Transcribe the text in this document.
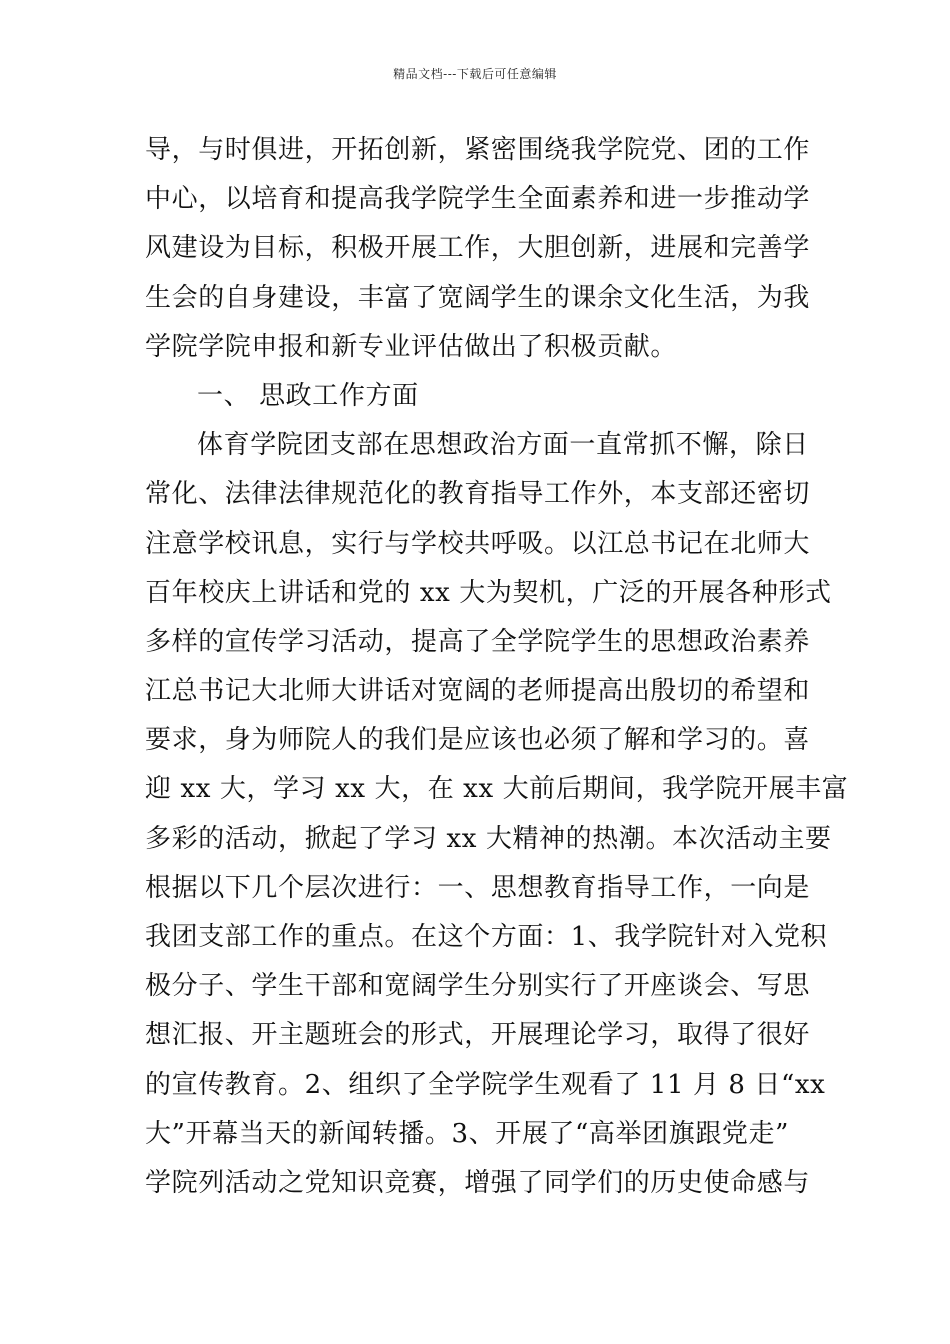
精品文档---下载后可任意编辑
导，与时俱进，开拓创新，紧密围绕我学院党、团的工作
中心，以培育和提高我学院学生全面素养和进一步推动学
风建设为目标，积极开展工作，大胆创新，进展和完善学
生会的自身建设，丰富了宽阔学生的课余文化生活，为我
学院学院申报和新专业评估做出了积极贡献。
一、 思政工作方面
体育学院团支部在思想政治方面一直常抓不懈，除日
常化、法律法律规范化的教育指导工作外，本支部还密切
注意学校讯息，实行与学校共呼吸。以江总书记在北师大
百年校庆上讲话和党的 xx 大为契机，广泛的开展各种形式
多样的宣传学习活动，提高了全学院学生的思想政治素养
江总书记大北师大讲话对宽阔的老师提高出殷切的希望和
要求，身为师院人的我们是应该也必须了解和学习的。喜
迎 xx 大，学习 xx 大，在 xx 大前后期间，我学院开展丰富
多彩的活动，掀起了学习 xx 大精神的热潮。本次活动主要
根据以下几个层次进行：一、思想教育指导工作，一向是
我团支部工作的重点。在这个方面：1、我学院针对入党积
极分子、学生干部和宽阔学生分别实行了开座谈会、写思
想汇报、开主题班会的形式，开展理论学习，取得了很好
的宣传教育。2、组织了全学院学生观看了 11 月 8 日“xx
大”开幕当天的新闻转播。3、开展了“高举团旗跟党走”
学院列活动之党知识竞赛，增强了同学们的历史使命感与
